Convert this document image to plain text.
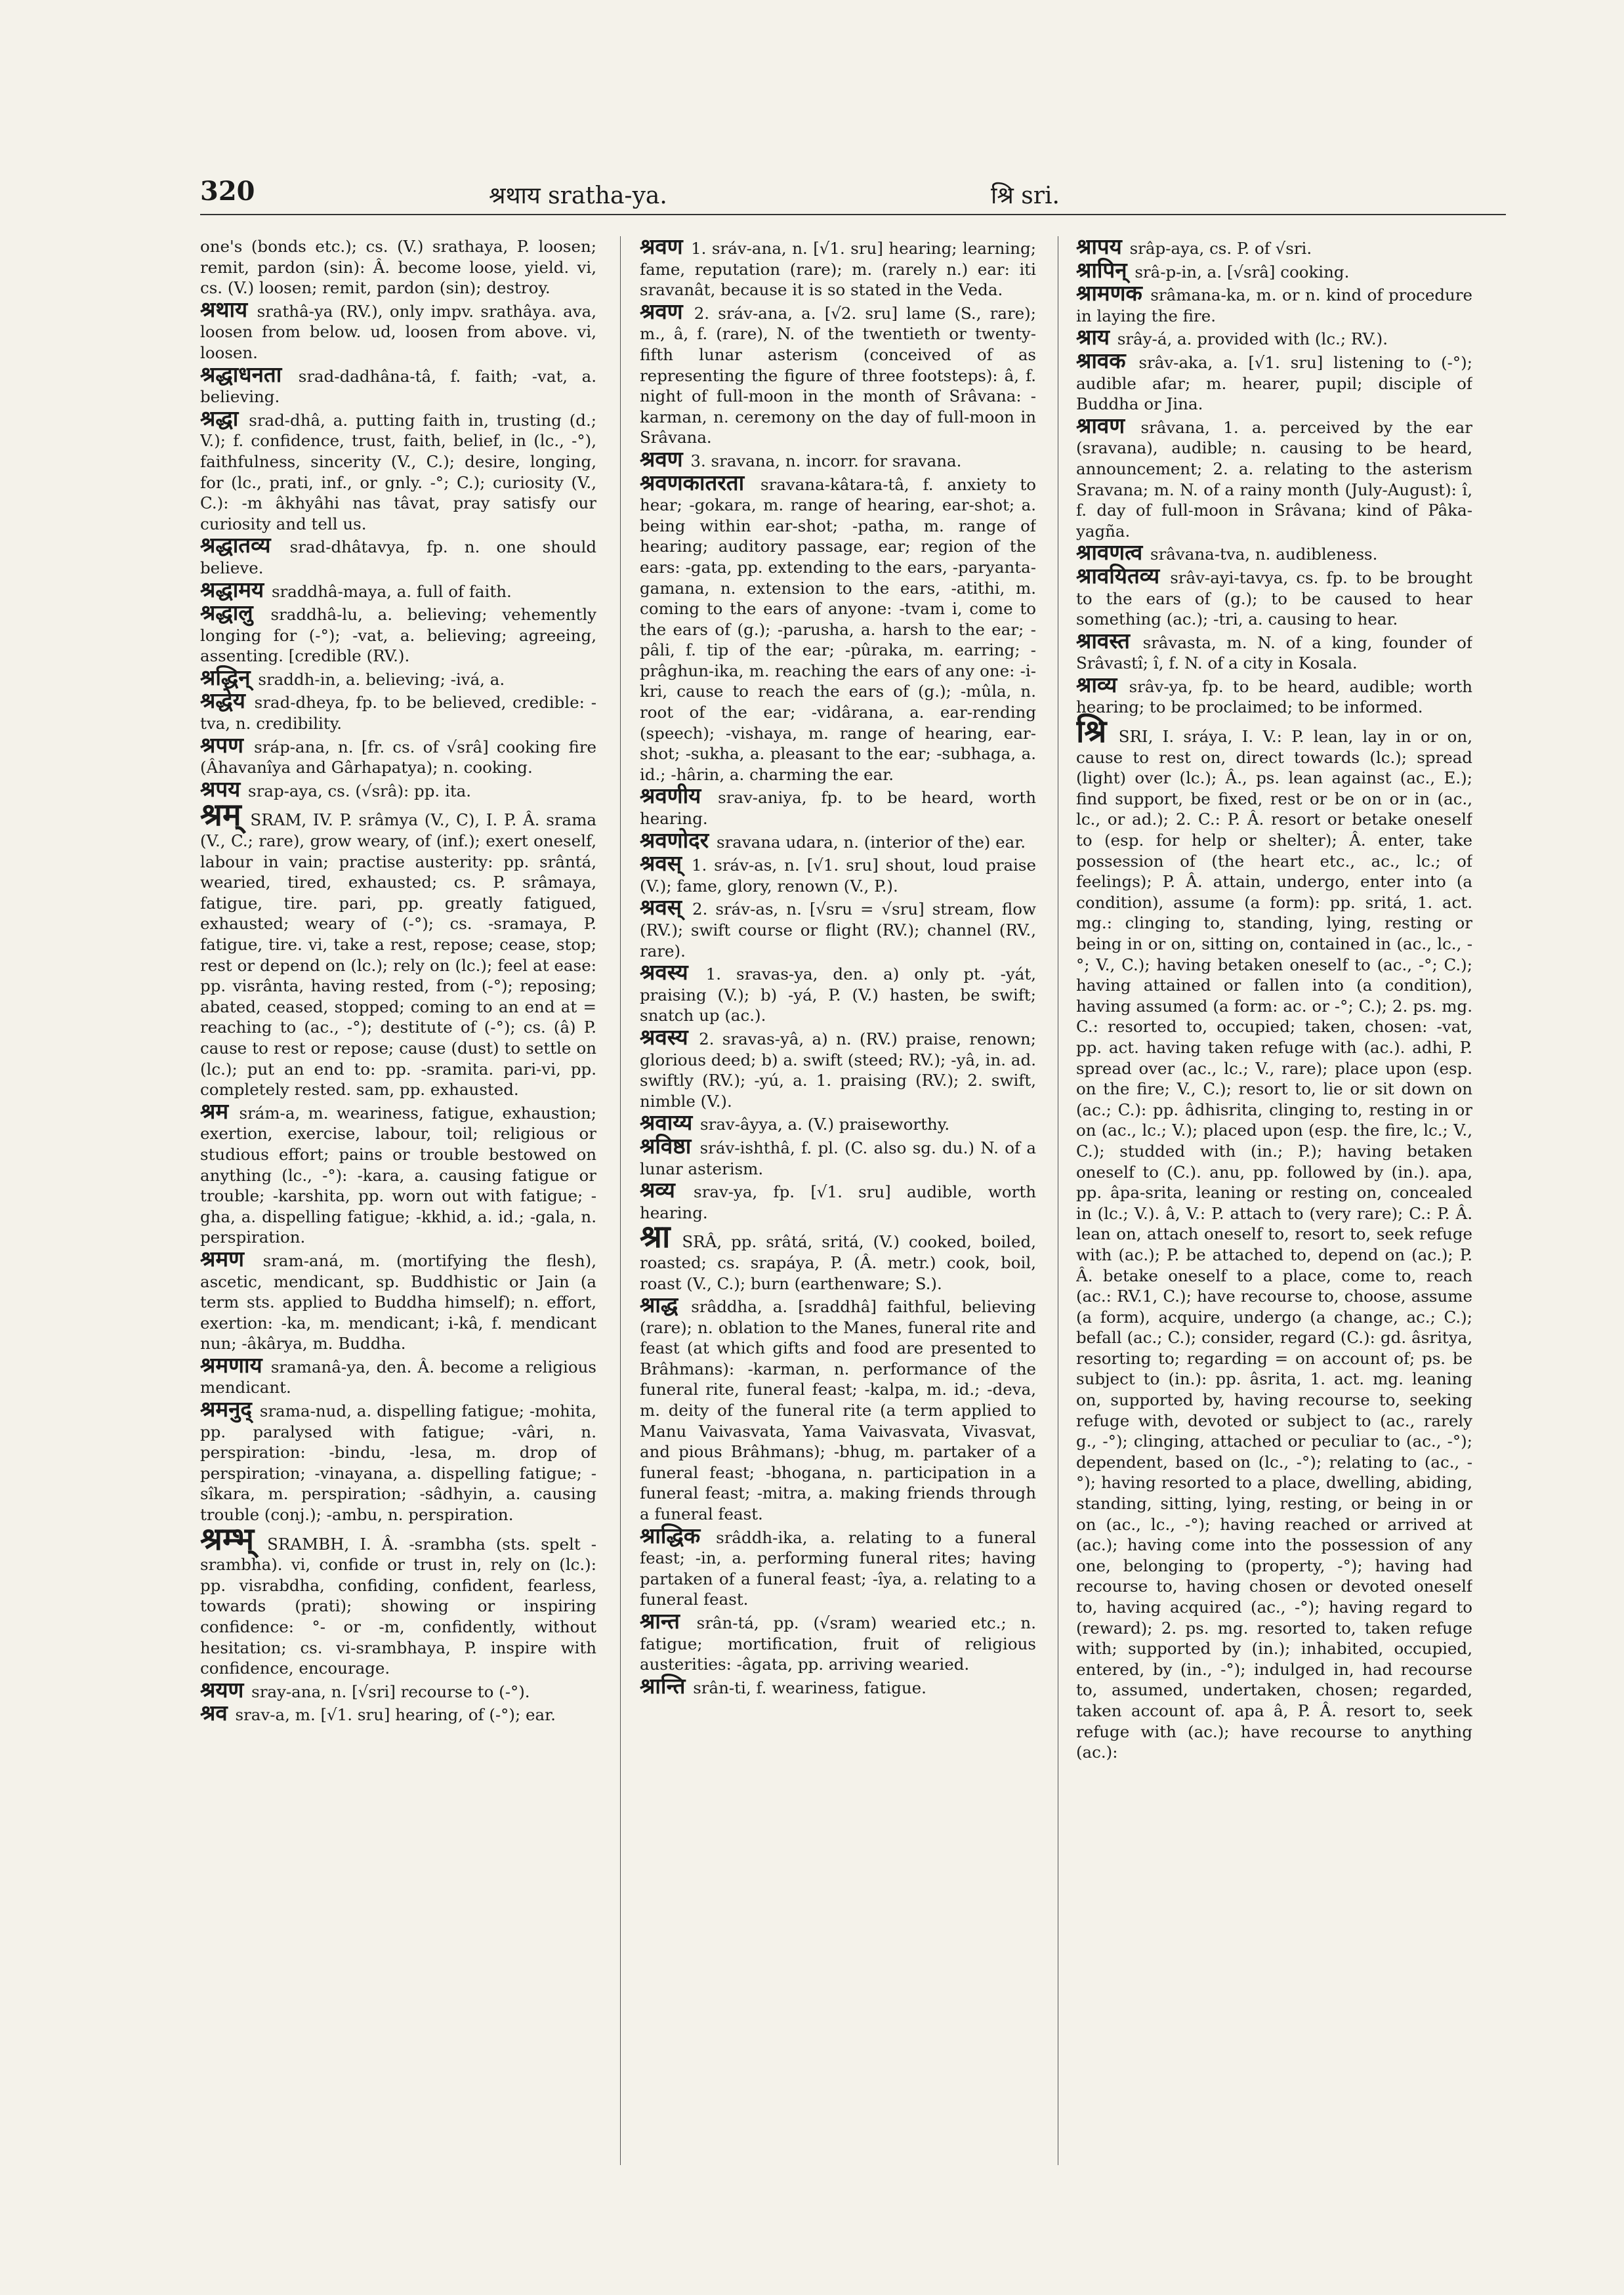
320	श्रथाय sratha-ya.	श्रि sri.

one's (bonds etc.); cs. (V.) srathaya, P. loosen; remit, pardon (sin): Â. become loose, yield. vi, cs. (V.) loosen; remit, pardon (sin); destroy.

श्रथाय srathâ-ya (RV.), only impv. srathâya. ava, loosen from below. ud, loosen from above. vi, loosen.

श्रद्धाधनता srad-dadhâna-tâ, f. faith; -vat, a. believing.

श्रद्धा srad-dhâ, a. putting faith in, trusting (d.; V.); f. confidence, trust, faith, belief, in (lc., -°), faithfulness, sincerity (V., C.); desire, longing, for (lc., prati, inf., or gnly. -°; C.); curiosity (V., C.): -m âkhyâhi nas tâvat, pray satisfy our curiosity and tell us.

श्रद्धातव्य srad-dhâtavya, fp. n. one should believe.

श्रद्धामय sraddhâ-maya, a. full of faith.

श्रद्धालु sraddhâ-lu, a. believing; vehemently longing for (-°); -vat, a. believing; agreeing, assenting. [credible (RV.).

श्रद्धिन् sraddh-in, a. believing; -ivá, a.

श्रद्धेय srad-dheya, fp. to be believed, credible: -tva, n. credibility.

श्रपण sráp-ana, n. [fr. cs. of √srâ] cooking fire (Âhavanîya and Gârhapatya); n. cooking.

श्रपय srap-aya, cs. (√srâ): pp. ita.

श्रम् SRAM, IV. P. srâmya (V., C), I. P. Â. srama (V., C.; rare), grow weary, of (inf.); exert oneself, labour in vain; practise austerity: pp. srântá, wearied, tired, exhausted; cs. P. srâmaya, fatigue, tire. pari, pp. greatly fatigued, exhausted; weary of (-°); cs. -sramaya, P. fatigue, tire. vi, take a rest, repose; cease, stop; rest or depend on (lc.); rely on (lc.); feel at ease: pp. visrânta, having rested, from (-°); reposing; abated, ceased, stopped; coming to an end at = reaching to (ac., -°); destitute of (-°); cs. (â) P. cause to rest or repose; cause (dust) to settle on (lc.); put an end to: pp. -sramita. pari-vi, pp. completely rested. sam, pp. exhausted.

श्रम srám-a, m. weariness, fatigue, exhaustion; exertion, exercise, labour, toil; religious or studious effort; pains or trouble bestowed on anything (lc., -°): -kara, a. causing fatigue or trouble; -karshita, pp. worn out with fatigue; -gha, a. dispelling fatigue; -kkhid, a. id.; -gala, n. perspiration.

श्रमण sram-aná, m. (mortifying the flesh), ascetic, mendicant, sp. Buddhistic or Jain (a term sts. applied to Buddha himself); n. effort, exertion: -ka, m. mendicant; i-kâ, f. mendicant nun; -âkârya, m. Buddha.

श्रमणाय sramanâ-ya, den. Â. become a religious mendicant.

श्रमनुद् srama-nud, a. dispelling fatigue; -mohita, pp. paralysed with fatigue; -vâri, n. perspiration: -bindu, -lesa, m. drop of perspiration; -vinayana, a. dispelling fatigue; -sîkara, m. perspiration; -sâdhyin, a. causing trouble (conj.); -ambu, n. perspiration.

श्रम्भ् SRAMBH, I. Â. -srambha (sts. spelt -srambha). vi, confide or trust in, rely on (lc.): pp. visrabdha, confiding, confident, fearless, towards (prati); showing or inspiring confidence: °- or -m, confidently, without hesitation; cs. vi-srambhaya, P. inspire with confidence, encourage.

श्रयण sray-ana, n. [√sri] recourse to (-°).

श्रव srav-a, m. [√1. sru] hearing, of (-°); ear.

श्रवण 1. sráv-ana, n. [√1. sru] hearing; learning; fame, reputation (rare); m. (rarely n.) ear: iti sravanât, because it is so stated in the Veda.

श्रवण 2. sráv-ana, a. [√2. sru] lame (S., rare); m., â, f. (rare), N. of the twentieth or twenty-fifth lunar asterism (conceived of as representing the figure of three footsteps): â, f. night of full-moon in the month of Srâvana: -karman, n. ceremony on the day of full-moon in Srâvana.

श्रवण 3. sravana, n. incorr. for sravana.

श्रवणकातरता sravana-kâtara-tâ, f. anxiety to hear; -gokara, m. range of hearing, ear-shot; a. being within ear-shot; -patha, m. range of hearing; auditory passage, ear; region of the ears: -gata, pp. extending to the ears, -paryanta-gamana, n. extension to the ears, -atithi, m. coming to the ears of anyone: -tvam i, come to the ears of (g.); -parusha, a. harsh to the ear; -pâli, f. tip of the ear; -pûraka, m. earring; -prâghun-ika, m. reaching the ears of any one: -i-kri, cause to reach the ears of (g.); -mûla, n. root of the ear; -vidârana, a. ear-rending (speech); -vishaya, m. range of hearing, ear-shot; -sukha, a. pleasant to the ear; -subhaga, a. id.; -hârin, a. charming the ear.

श्रवणीय srav-aniya, fp. to be heard, worth hearing.

श्रवणोदर sravana udara, n. (interior of the) ear.

श्रवस् 1. sráv-as, n. [√1. sru] shout, loud praise (V.); fame, glory, renown (V., P.).

श्रवस् 2. sráv-as, n. [√sru = √sru] stream, flow (RV.); swift course or flight (RV.); channel (RV., rare).

श्रवस्य 1. sravas-ya, den. a) only pt. -yát, praising (V.); b) -yá, P. (V.) hasten, be swift; snatch up (ac.).

श्रवस्य 2. sravas-yâ, a) n. (RV.) praise, renown; glorious deed; b) a. swift (steed; RV.); -yâ, in. ad. swiftly (RV.); -yú, a. 1. praising (RV.); 2. swift, nimble (V.).

श्रवाय्य srav-âyya, a. (V.) praiseworthy.

श्रविष्ठा sráv-ishthâ, f. pl. (C. also sg. du.) N. of a lunar asterism.

श्रव्य srav-ya, fp. [√1. sru] audible, worth hearing.

श्रा SRÂ, pp. srâtá, sritá, (V.) cooked, boiled, roasted; cs. srapáya, P. (Â. metr.) cook, boil, roast (V., C.); burn (earthenware; S.).

श्राद्ध srâddha, a. [sraddhâ] faithful, believing (rare); n. oblation to the Manes, funeral rite and feast (at which gifts and food are presented to Brâhmans): -karman, n. performance of the funeral rite, funeral feast; -kalpa, m. id.; -deva, m. deity of the funeral rite (a term applied to Manu Vaivasvata, Yama Vaivasvata, Vivasvat, and pious Brâhmans); -bhug, m. partaker of a funeral feast; -bhogana, n. participation in a funeral feast; -mitra, a. making friends through a funeral feast.

श्राद्धिक srâddh-ika, a. relating to a funeral feast; -in, a. performing funeral rites; having partaken of a funeral feast; -îya, a. relating to a funeral feast.

श्रान्त srân-tá, pp. (√sram) wearied etc.; n. fatigue; mortification, fruit of religious austerities: -âgata, pp. arriving wearied.

श्रान्ति srân-ti, f. weariness, fatigue.

श्रापय srâp-aya, cs. P. of √sri.

श्रापिन् srâ-p-in, a. [√srâ] cooking.

श्रामणक srâmana-ka, m. or n. kind of procedure in laying the fire.

श्राय srây-á, a. provided with (lc.; RV.).

श्रावक srâv-aka, a. [√1. sru] listening to (-°); audible afar; m. hearer, pupil; disciple of Buddha or Jina.

श्रावण srâvana, 1. a. perceived by the ear (sravana), audible; n. causing to be heard, announcement; 2. a. relating to the asterism Sravana; m. N. of a rainy month (July-August): î, f. day of full-moon in Srâvana; kind of Pâka-yagña.

श्रावणत्व srâvana-tva, n. audibleness.

श्रावयितव्य srâv-ayi-tavya, cs. fp. to be brought to the ears of (g.); to be caused to hear something (ac.); -tri, a. causing to hear.

श्रावस्त srâvasta, m. N. of a king, founder of Srâvastî; î, f. N. of a city in Kosala.

श्राव्य srâv-ya, fp. to be heard, audible; worth hearing; to be proclaimed; to be informed.

श्रि SRI, I. sráya, I. V.: P. lean, lay in or on, cause to rest on, direct towards (lc.); spread (light) over (lc.); Â., ps. lean against (ac., E.); find support, be fixed, rest or be on or in (ac., lc., or ad.); 2. C.: P. Â. resort or betake oneself to (esp. for help or shelter); Â. enter, take possession of (the heart etc., ac., lc.; of feelings); P. Â. attain, undergo, enter into (a condition), assume (a form): pp. sritá, 1. act. mg.: clinging to, standing, lying, resting or being in or on, sitting on, contained in (ac., lc., -°; V., C.); having betaken oneself to (ac., -°; C.); having attained or fallen into (a condition), having assumed (a form: ac. or -°; C.); 2. ps. mg. C.: resorted to, occupied; taken, chosen: -vat, pp. act. having taken refuge with (ac.). adhi, P. spread over (ac., lc.; V., rare); place upon (esp. on the fire; V., C.); resort to, lie or sit down on (ac.; C.): pp. âdhisrita, clinging to, resting in or on (ac., lc.; V.); placed upon (esp. the fire, lc.; V., C.); studded with (in.; P.); having betaken oneself to (C.). anu, pp. followed by (in.). apa, pp. âpa-srita, leaning or resting on, concealed in (lc.; V.). â, V.: P. attach to (very rare); C.: P. Â. lean on, attach oneself to, resort to, seek refuge with (ac.); P. be attached to, depend on (ac.); P. Â. betake oneself to a place, come to, reach (ac.: RV.1, C.); have recourse to, choose, assume (a form), acquire, undergo (a change, ac.; C.); befall (ac.; C.); consider, regard (C.): gd. âsritya, resorting to; regarding = on account of; ps. be subject to (in.): pp. âsrita, 1. act. mg. leaning on, supported by, having recourse to, seeking refuge with, devoted or subject to (ac., rarely g., -°); clinging, attached or peculiar to (ac., -°); dependent, based on (lc., -°); relating to (ac., -°); having resorted to a place, dwelling, abiding, standing, sitting, lying, resting, or being in or on (ac., lc., -°); having reached or arrived at (ac.); having come into the possession of any one, belonging to (property, -°); having had recourse to, having chosen or devoted oneself to, having acquired (ac., -°); having regard to (reward); 2. ps. mg. resorted to, taken refuge with; supported by (in.); inhabited, occupied, entered, by (in., -°); indulged in, had recourse to, assumed, undertaken, chosen; regarded, taken account of. apa â, P. Â. resort to, seek refuge with (ac.); have recourse to anything (ac.):
